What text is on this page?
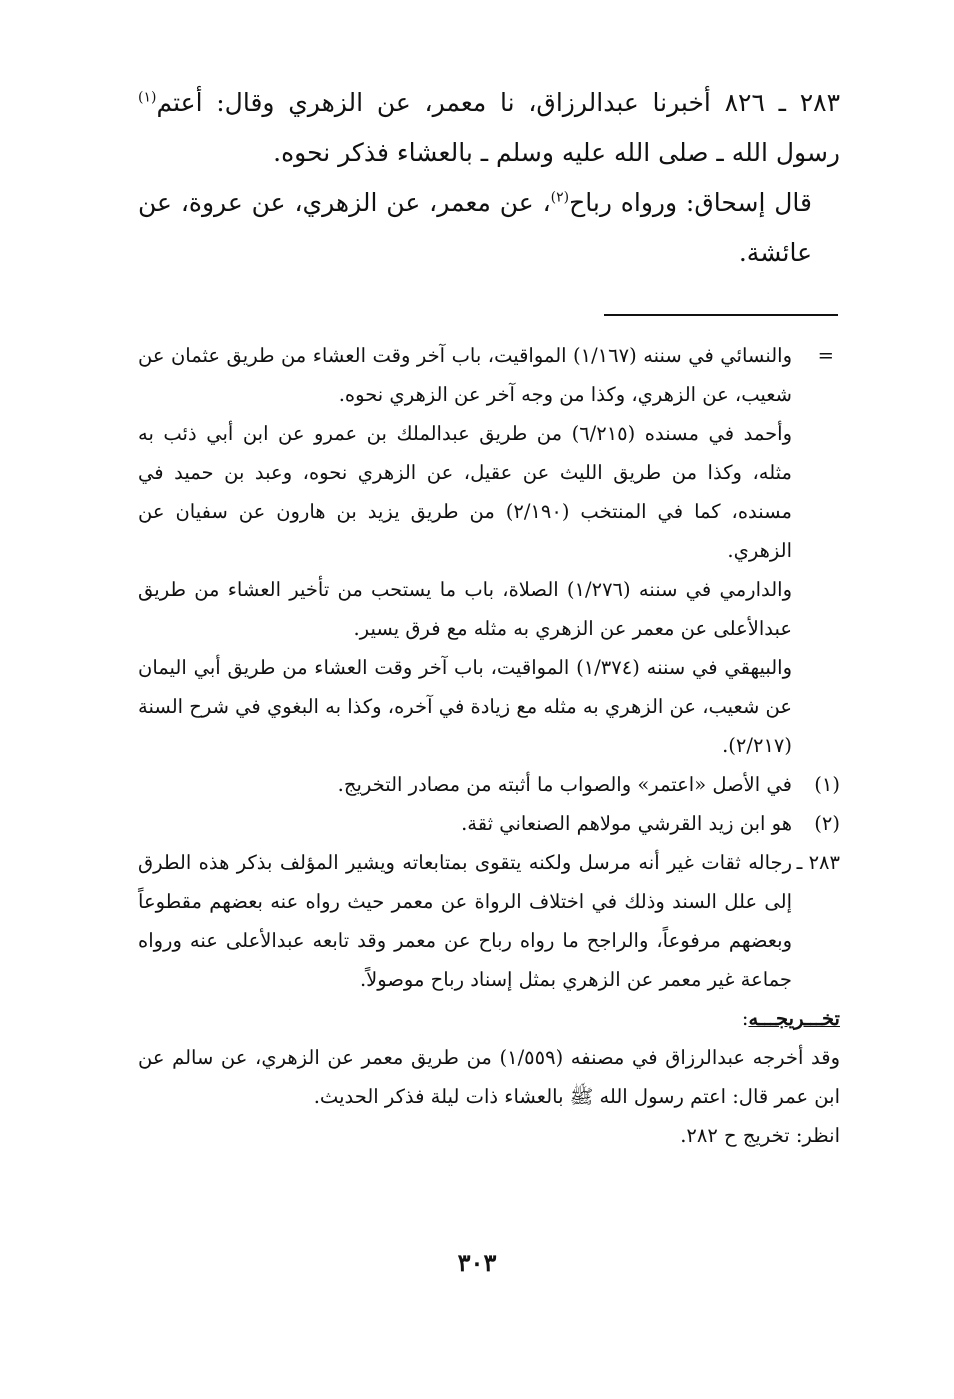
٢٨٣ ـ ٨٢٦ أخبرنا عبدالرزاق، نا معمر، عن الزهري وقال: أعتم$^{(١)}$ رسول الله ـ صلى الله عليه وسلم ـ بالعشاء فذكر نحوه.

قال إسحاق: ورواه رباح$^{(٢)}$، عن معمر، عن الزهري، عن عروة، عن عائشة.

=
والنسائي في سننه (١/١٦٧) المواقيت، باب آخر وقت العشاء من طريق عثمان عن شعيب، عن الزهري، وكذا من وجه آخر عن الزهري نحوه.

وأحمد في مسنده (٦/٢١٥) من طريق عبدالملك بن عمرو عن ابن أبي ذئب به مثله، وكذا من طريق الليث عن عقيل، عن الزهري نحوه، وعبد بن حميد في مسنده، كما في المنتخب (٢/١٩٠) من طريق يزيد بن هارون عن سفيان عن الزهري.

والدارمي في سننه (١/٢٧٦) الصلاة، باب ما يستحب من تأخير العشاء من طريق عبدالأعلى عن معمر عن الزهري به مثله مع فرق يسير.

والبيهقي في سننه (١/٣٧٤) المواقيت، باب آخر وقت العشاء من طريق أبي اليمان عن شعيب، عن الزهري به مثله مع زيادة في آخره، وكذا به البغوي في شرح السنة (٢/٢١٧).

(١)
في الأصل «اعتمر» والصواب ما أثبته من مصادر التخريج.

(٢)
هو ابن زيد القرشي مولاهم الصنعاني ثقة.

٢٨٣ ـ
رجاله ثقات غير أنه مرسل ولكنه يتقوى بمتابعاته ويشير المؤلف بذكر هذه الطرق إلى علل السند وذلك في اختلاف الرواة عن معمر حيث رواه عنه بعضهم مقطوعاً وبعضهم مرفوعاً، والراجح ما رواه رباح عن معمر وقد تابعه عبدالأعلى عنه ورواه جماعة غير معمر عن الزهري بمثل إسناد رباح موصولاً.

تخـــريجـــه:

وقد أخرجه عبدالرزاق في مصنفه (١/٥٥٩) من طريق معمر عن الزهري، عن سالم عن ابن عمر قال: اعتم رسول الله ﷺ بالعشاء ذات ليلة فذكر الحديث.

انظر: تخريج ح ٢٨٢.

٣٠٣
